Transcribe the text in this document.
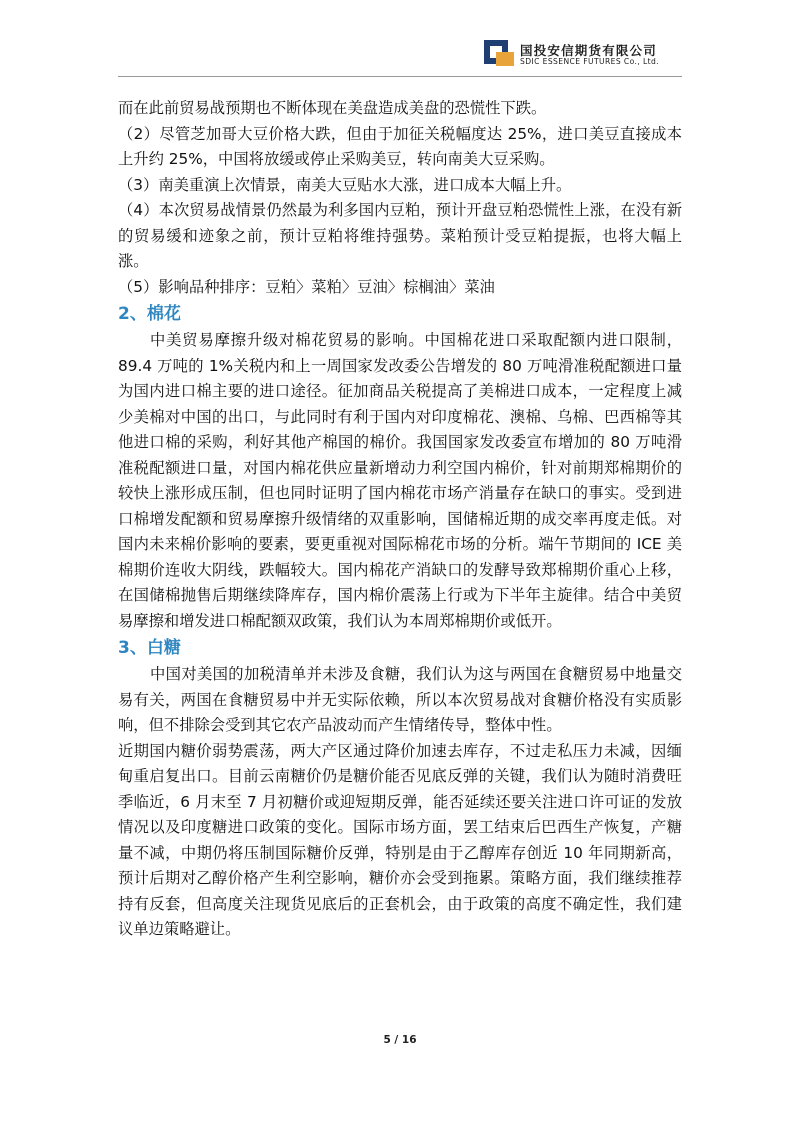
国投安信期货有限公司
SDIC ESSENCE FUTURES Co., Ltd.

而在此前贸易战预期也不断体现在美盘造成美盘的恐慌性下跌。

（2）尽管芝加哥大豆价格大跌，但由于加征关税幅度达 25%，进口美豆直接成本上升约 25%，中国将放缓或停止采购美豆，转向南美大豆采购。

（3）南美重演上次情景，南美大豆贴水大涨，进口成本大幅上升。

（4）本次贸易战情景仍然最为利多国内豆粕，预计开盘豆粕恐慌性上涨，在没有新的贸易缓和迹象之前，预计豆粕将维持强势。菜粕预计受豆粕提振，也将大幅上涨。

（5）影响品种排序：豆粕〉菜粕〉豆油〉棕榈油〉菜油

2、棉花

中美贸易摩擦升级对棉花贸易的影响。中国棉花进口采取配额内进口限制，89.4 万吨的 1%关税内和上一周国家发改委公告增发的 80 万吨滑准税配额进口量为国内进口棉主要的进口途径。征加商品关税提高了美棉进口成本，一定程度上减少美棉对中国的出口，与此同时有利于国内对印度棉花、澳棉、乌棉、巴西棉等其他进口棉的采购，利好其他产棉国的棉价。我国国家发改委宣布增加的 80 万吨滑准税配额进口量，对国内棉花供应量新增动力利空国内棉价，针对前期郑棉期价的较快上涨形成压制，但也同时证明了国内棉花市场产消量存在缺口的事实。受到进口棉增发配额和贸易摩擦升级情绪的双重影响，国储棉近期的成交率再度走低。对国内未来棉价影响的要素，要更重视对国际棉花市场的分析。端午节期间的 ICE 美棉期价连收大阴线，跌幅较大。国内棉花产消缺口的发酵导致郑棉期价重心上移，在国储棉抛售后期继续降库存，国内棉价震荡上行或为下半年主旋律。结合中美贸易摩擦和增发进口棉配额双政策，我们认为本周郑棉期价或低开。

3、白糖

中国对美国的加税清单并未涉及食糖，我们认为这与两国在食糖贸易中地量交易有关，两国在食糖贸易中并无实际依赖，所以本次贸易战对食糖价格没有实质影响，但不排除会受到其它农产品波动而产生情绪传导，整体中性。

近期国内糖价弱势震荡，两大产区通过降价加速去库存，不过走私压力未减，因缅甸重启复出口。目前云南糖价仍是糖价能否见底反弹的关键，我们认为随时消费旺季临近，6 月末至 7 月初糖价或迎短期反弹，能否延续还要关注进口许可证的发放情况以及印度糖进口政策的变化。国际市场方面，罢工结束后巴西生产恢复，产糖量不减，中期仍将压制国际糖价反弹，特别是由于乙醇库存创近 10 年同期新高，预计后期对乙醇价格产生利空影响，糖价亦会受到拖累。策略方面，我们继续推荐持有反套，但高度关注现货见底后的正套机会，由于政策的高度不确定性，我们建议单边策略避让。

5 / 16
